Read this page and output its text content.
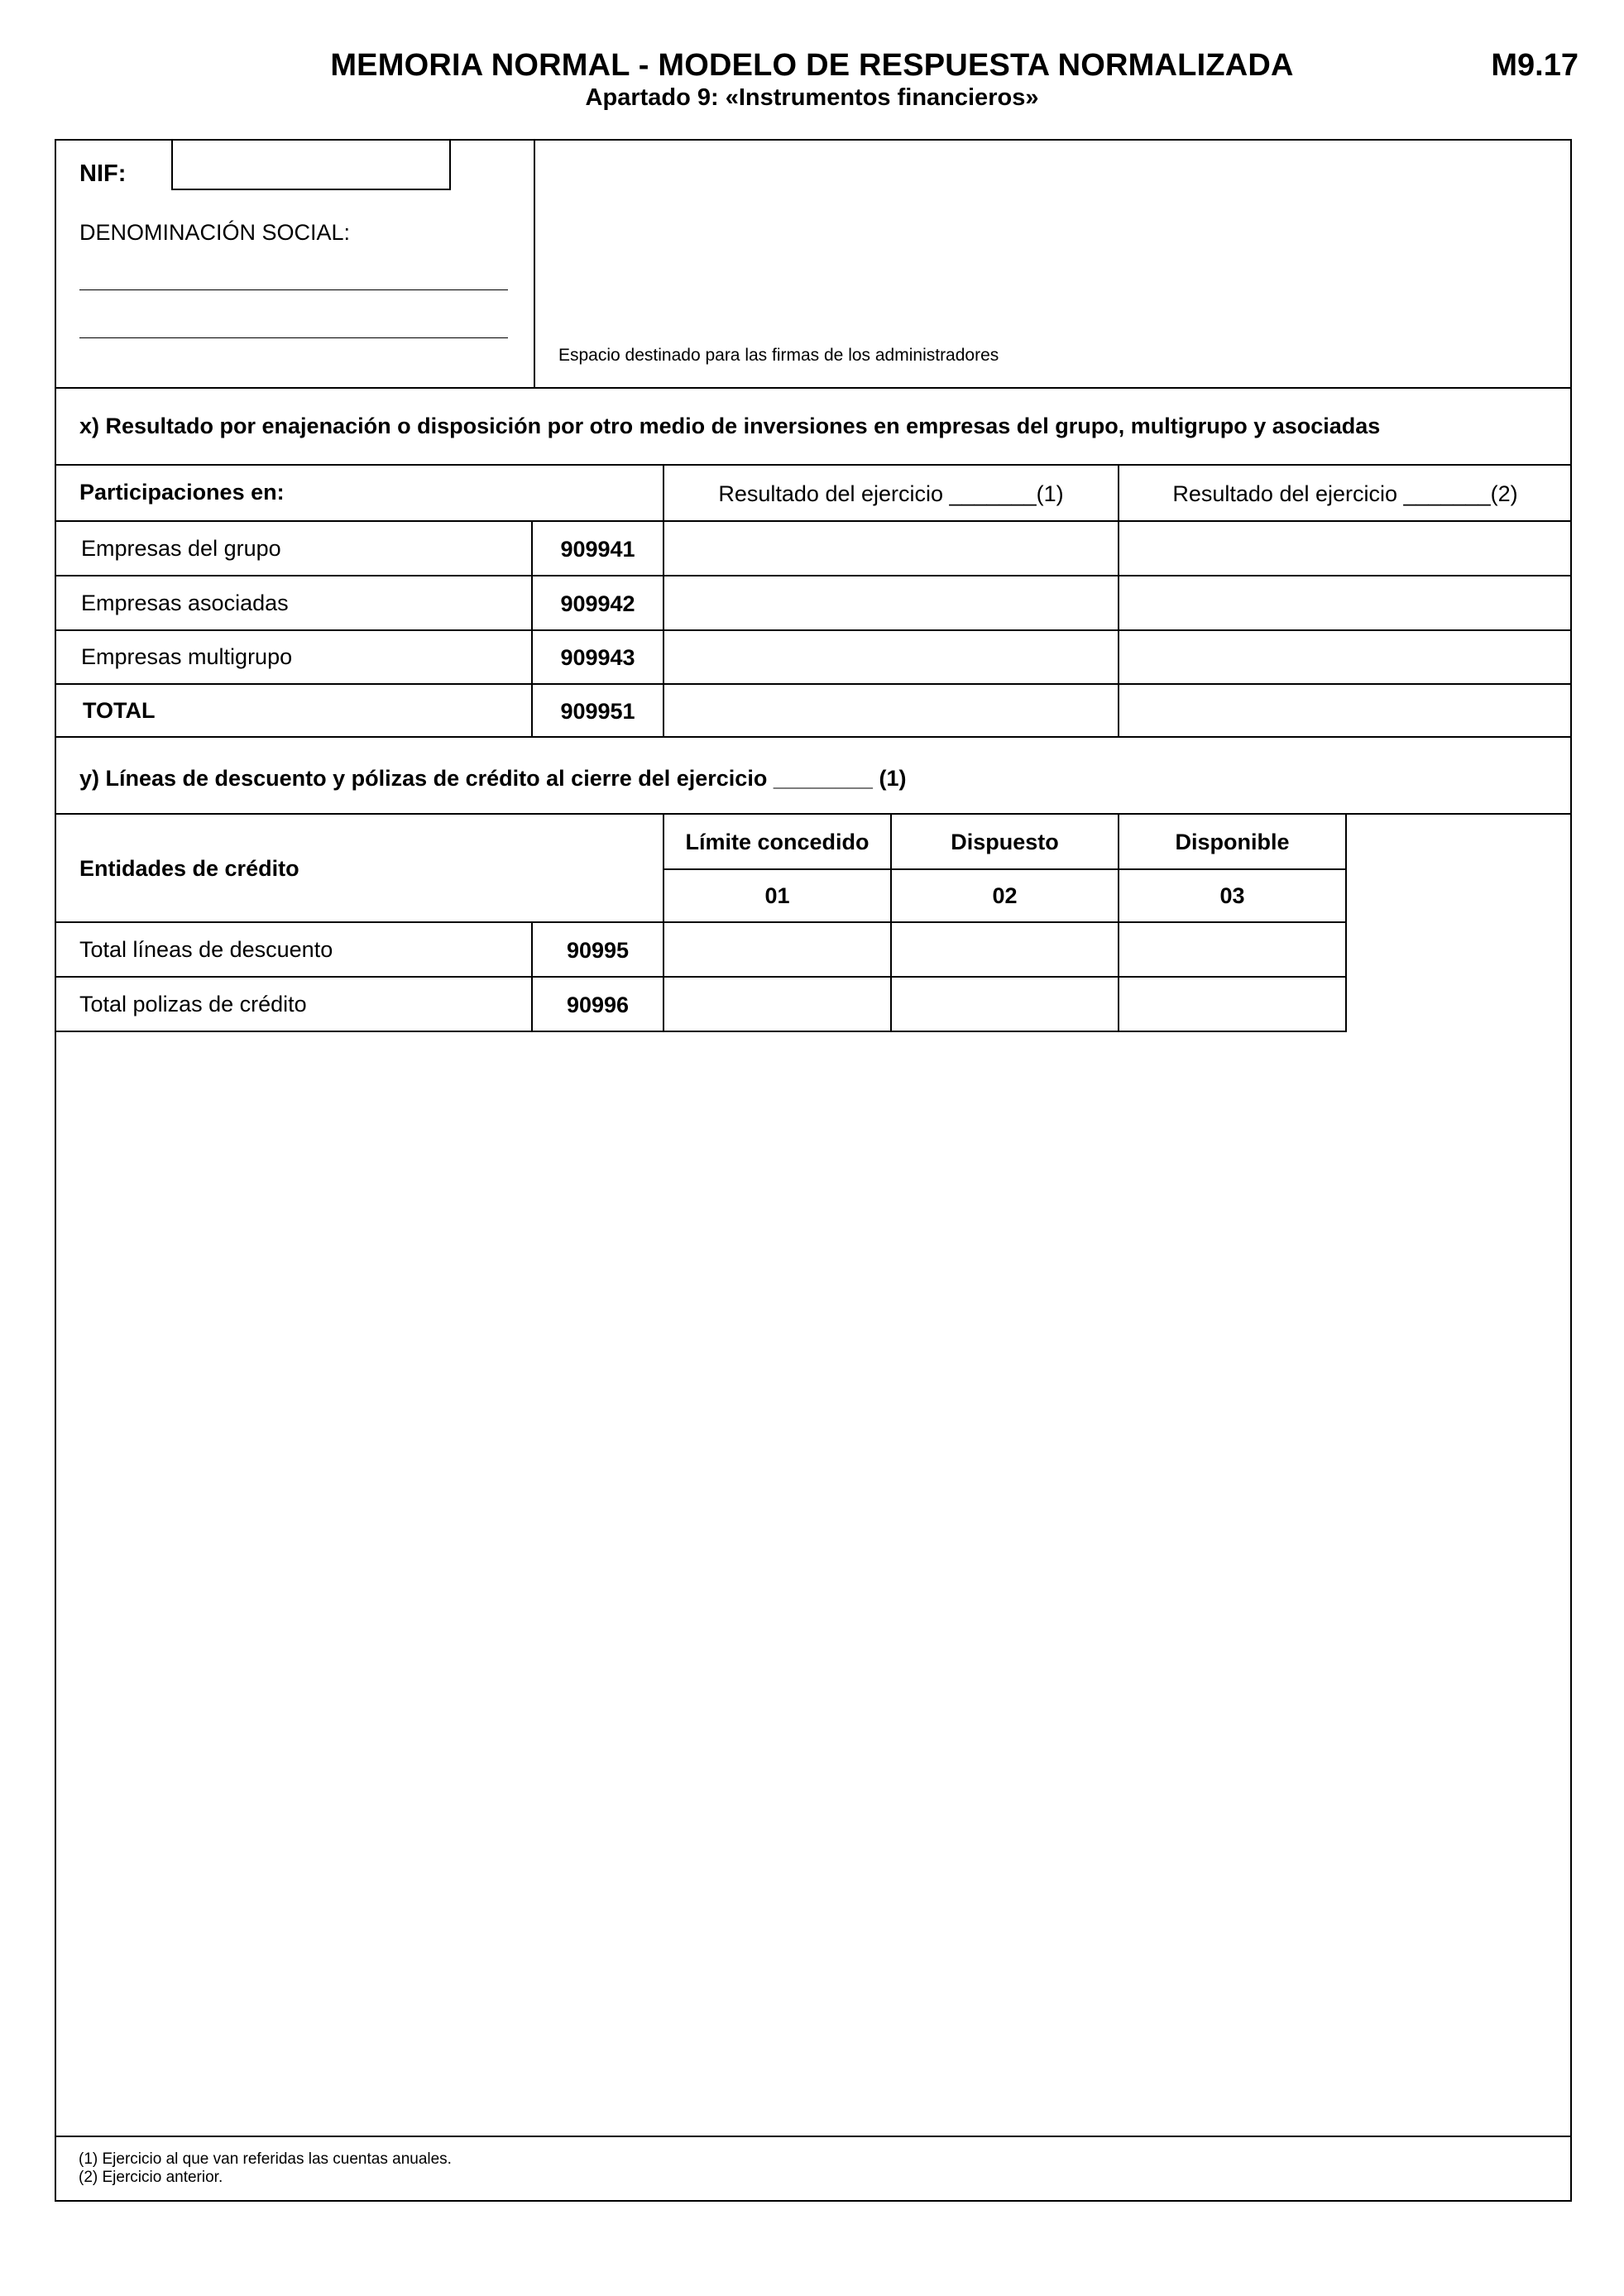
MEMORIA NORMAL - MODELO DE RESPUESTA NORMALIZADA
Apartado 9: «Instrumentos financieros»
M9.17
NIF:
DENOMINACIÓN SOCIAL:
Espacio destinado para las firmas de los administradores
x) Resultado por enajenación o disposición por otro medio de inversiones en empresas del grupo, multigrupo y asociadas
Participaciones en:	Resultado del ejercicio _______(1)	Resultado del ejercicio _______(2)
Empresas del grupo	909941
Empresas asociadas	909942
Empresas multigrupo	909943
TOTAL	909951
y) Líneas de descuento y pólizas de crédito al cierre del ejercicio ________ (1)
Entidades de crédito
Límite concedido	Dispuesto	Disponible
01	02	03
Total líneas de descuento	90995
Total polizas de crédito	90996
(1) Ejercicio al que van referidas las cuentas anuales.
(2) Ejercicio anterior.
